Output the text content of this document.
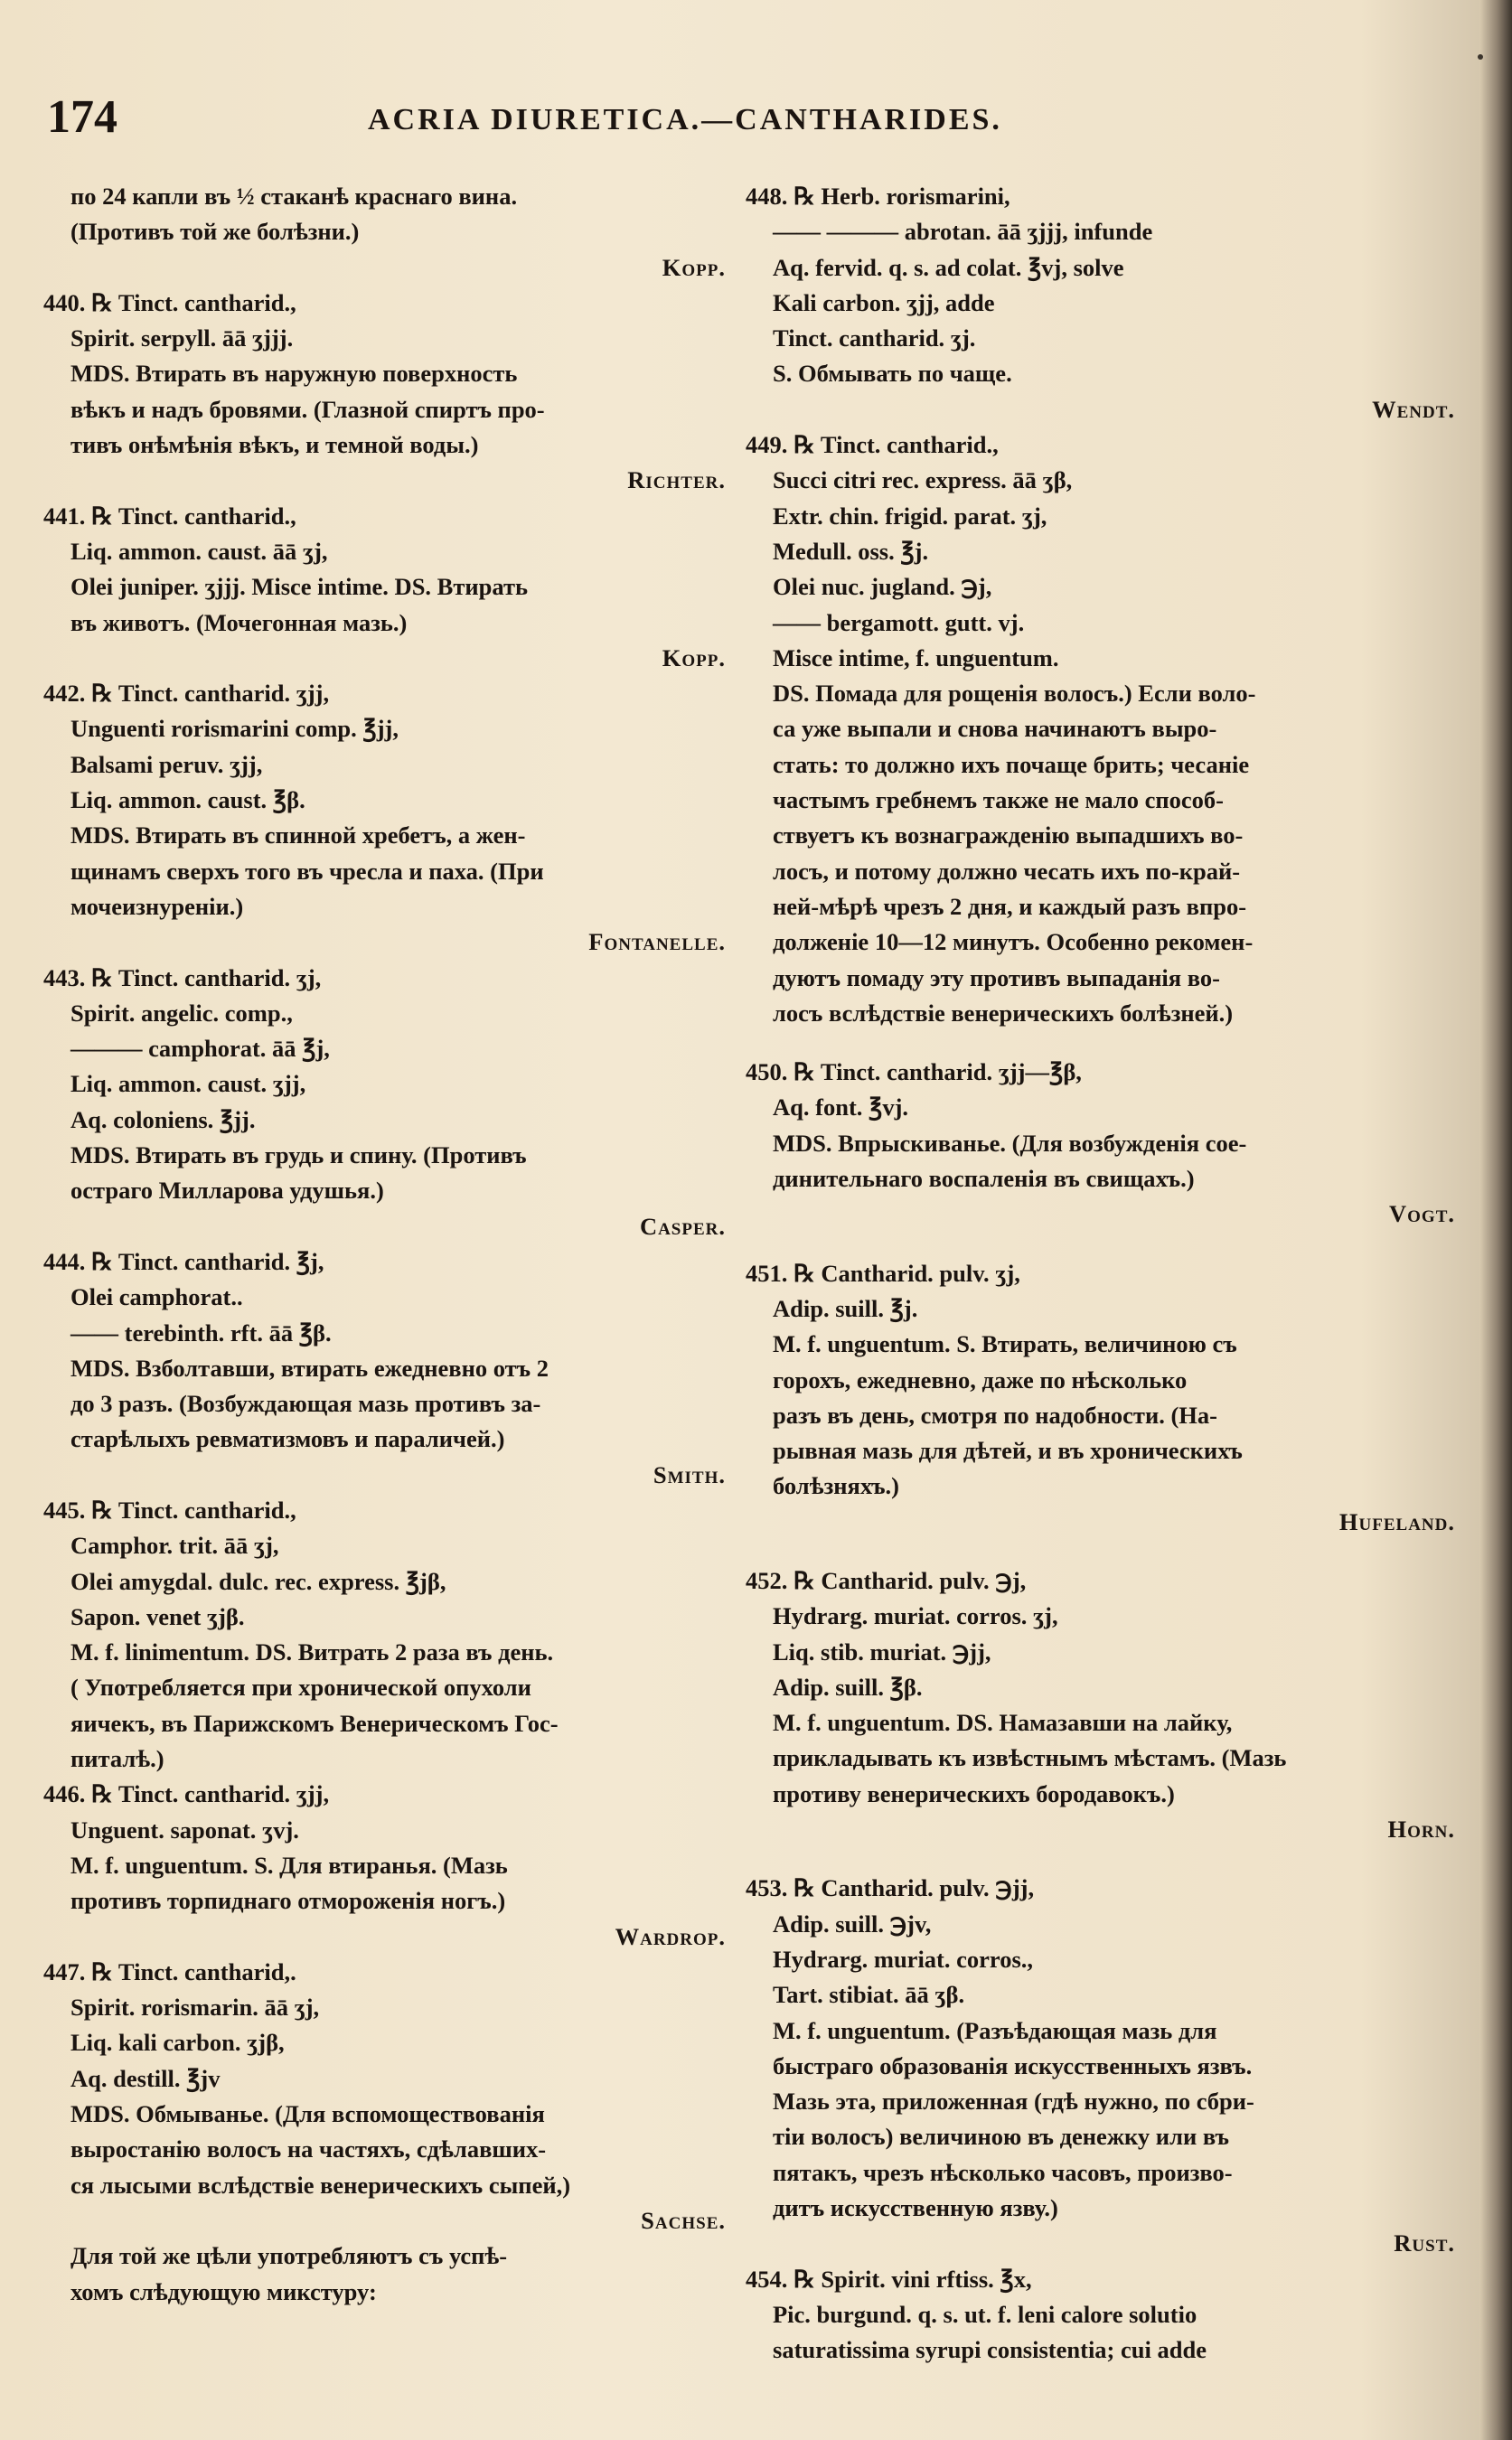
174	ACRIA DIURETICA.—CANTHARIDES.
по 24 капли въ ½ стаканѣ краснаго вина.
(Противъ той же болѣзни.)
Kopp.
440. ℞ Tinct. cantharid.,
Spirit. serpyll. āā ʒjjj.
MDS. Втирать въ наружную поверхность
вѣкъ и надъ бровями. (Глазной спиртъ про-
тивъ онѣмѣнія вѣкъ, и темной воды.)
Richter.
441. ℞ Tinct. cantharid.,
Liq. ammon. caust. āā ʒj,
Olei juniper. ʒjjj. Misce intime. DS. Втирать
въ животъ. (Мочегонная мазь.)
Kopp.
442. ℞ Tinct. cantharid. ʒjj,
Unguenti rorismarini comp. ℥jj,
Balsami peruv. ʒjj,
Liq. ammon. caust. ℥β.
MDS. Втирать въ спинной хребетъ, а жен-
щинамъ сверхъ того въ чресла и паха. (При
мочеизнуреніи.)
Fontanelle.
443. ℞ Tinct. cantharid. ʒj,
Spirit. angelic. comp.,
——— camphorat. āā ℥j,
Liq. ammon. caust. ʒjj,
Aq. coloniens. ℥jj.
MDS. Втирать въ грудь и спину. (Противъ
остраго Милларова удушья.)
Casper.
444. ℞ Tinct. cantharid. ℥j,
Olei camphorat..
—— terebinth. rft. āā ℥β.
MDS. Взболтавши, втирать ежедневно отъ 2
до 3 разъ. (Возбуждающая мазь противъ за-
старѣлыхъ ревматизмовъ и параличей.)
Smith.
445. ℞ Tinct. cantharid.,
Camphor. trit. āā ʒj,
Olei amygdal. dulc. rec. express. ℥jβ,
Sapon. venet ʒjβ.
M. f. linimentum. DS. Витрать 2 раза въ день.
( Употребляется при хронической опухоли
яичекъ, въ Парижскомъ Венерическомъ Гос-
питалѣ.)
446. ℞ Tinct. cantharid. ʒjj,
Unguent. saponat. ʒvj.
M. f. unguentum. S. Для втиранья. (Мазь
противъ торпиднаго отмороженія ногъ.)
Wardrop.
447. ℞ Tinct. cantharid,.
Spirit. rorismarin. āā ʒj,
Liq. kali carbon. ʒjβ,
Aq. destill. ℥jv
MDS. Обмыванье. (Для вспомоществованія
выростанію волосъ на частяхъ, сдѣлавших-
ся лысыми вслѣдствіе венерическихъ сыпей,)
Sachse.
Для той же цѣли употребляютъ съ успѣ-
хомъ слѣдующую микстуру:
448. ℞ Herb. rorismarini,
—— ——— abrotan. āā ʒjjj, infunde
Aq. fervid. q. s. ad colat. ℥vj, solve
Kali carbon. ʒjj, adde
Tinct. cantharid. ʒj.
S. Обмывать по чаще.
Wendt.
449. ℞ Tinct. cantharid.,
Succi citri rec. express. āā ʒβ,
Extr. chin. frigid. parat. ʒj,
Medull. oss. ℥j.
Olei nuc. jugland. ℈j,
—— bergamott. gutt. vj.
Misce intime, f. unguentum.
DS. Помада для рощенія волосъ.) Если воло-
са уже выпали и снова начинаютъ выро-
стать: то должно ихъ почаще брить; чесаніе
частымъ гребнемъ также не мало способ-
ствуетъ къ вознагражденію выпадшихъ во-
лосъ, и потому должно чесать ихъ по-край-
ней-мѣрѣ чрезъ 2 дня, и каждый разъ впро-
долженіе 10—12 минутъ. Особенно рекомен-
дуютъ помаду эту противъ выпаданія во-
лосъ вслѣдствіе венерическихъ болѣзней.)
450. ℞ Tinct. cantharid. ʒjj—℥β,
Aq. font. ℥vj.
MDS. Впрыскиванье. (Для возбужденія сое-
динительнаго воспаленія въ свищахъ.)
Vogt.
451. ℞ Cantharid. pulv. ʒj,
Adip. suill. ℥j.
M. f. unguentum. S. Втирать, величиною съ
горохъ, ежедневно, даже по нѣсколько
разъ въ день, смотря по надобности. (На-
рывная мазь для дѣтей, и въ хроническихъ
болѣзняхъ.)
Hufeland.
452. ℞ Cantharid. pulv. ℈j,
Hydrarg. muriat. corros. ʒj,
Liq. stib. muriat. ℈jj,
Adip. suill. ℥β.
M. f. unguentum. DS. Намазавши на лайку,
прикладывать къ извѣстнымъ мѣстамъ. (Мазь
противу венерическихъ бородавокъ.)
Horn.
453. ℞ Cantharid. pulv. ℈jj,
Adip. suill. ℈jv,
Hydrarg. muriat. corros.,
Tart. stibiat. āā ʒβ.
M. f. unguentum. (Разъѣдающая мазь для
быстраго образованія искусственныхъ язвъ.
Мазь эта, приложенная (гдѣ нужно, по сбри-
тіи волосъ) величиною въ денежку или въ
пятакъ, чрезъ нѣсколько часовъ, произво-
дитъ искусственную язву.)
Rust.
454. ℞ Spirit. vini rftiss. ℥x,
Pic. burgund. q. s. ut. f. leni calore solutio
saturatissima syrupi consistentia; cui adde
